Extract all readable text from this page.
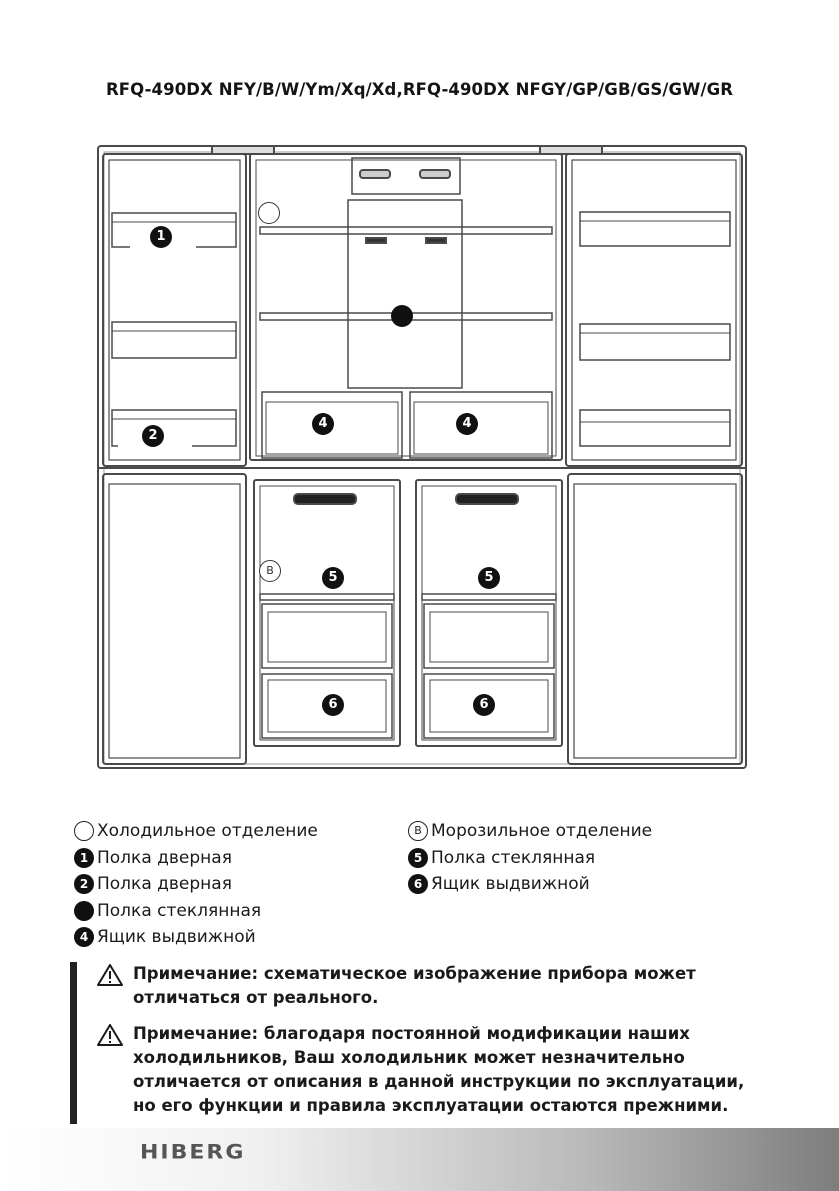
RFQ-490DX NFY/B/W/Ym/Xq/Xd,RFQ-490DX NFGY/GP/GB/GS/GW/GR
1
2
4	4
B	5	5
6	6
Холодильное отделение
1 Полка дверная
2 Полка дверная
Полка стеклянная
4 Ящик выдвижной
B Морозильное отделение
5 Полка стеклянная
6 Ящик выдвижной
Примечание: схематическое изображение прибора может
отличаться от реального.
Примечание: благодаря постоянной модификации наших
холодильников, Ваш холодильник может незначительно
отличается от описания в данной инструкции по эксплуатации,
но его функции и правила эксплуатации остаются прежними.
HIBERG
